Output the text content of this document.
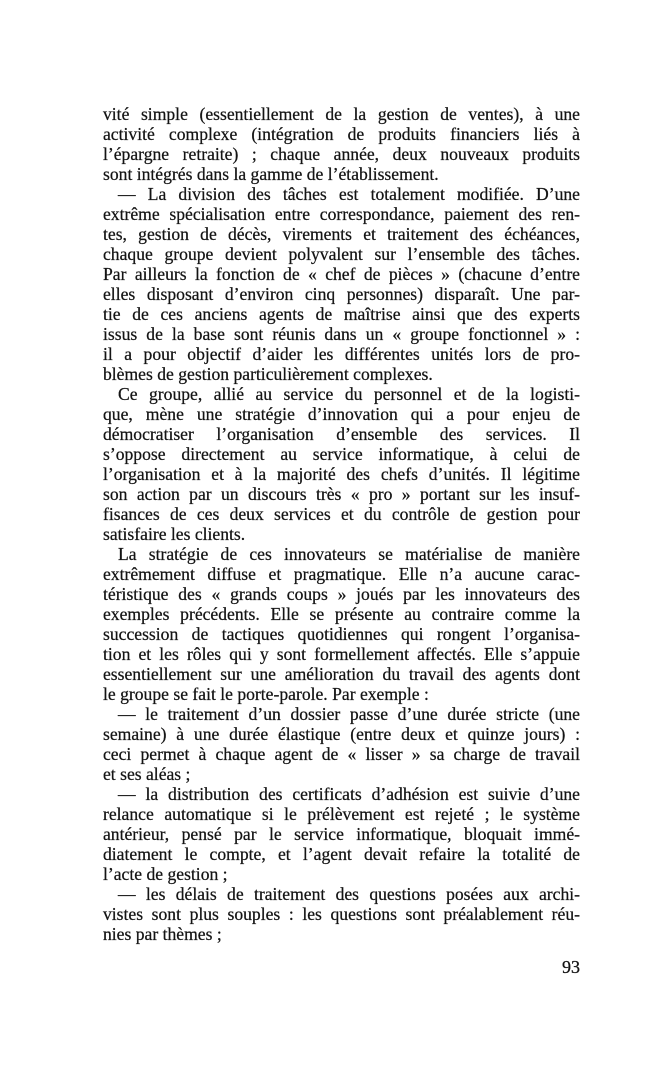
vité simple (essentiellement de la gestion de ventes), à une
activité complexe (intégration de produits financiers liés à
l’épargne retraite) ; chaque année, deux nouveaux produits
sont intégrés dans la gamme de l’établissement.
— La division des tâches est totalement modifiée. D’une
extrême spécialisation entre correspondance, paiement des ren-
tes, gestion de décès, virements et traitement des échéances,
chaque groupe devient polyvalent sur l’ensemble des tâches.
Par ailleurs la fonction de « chef de pièces » (chacune d’entre
elles disposant d’environ cinq personnes) disparaît. Une par-
tie de ces anciens agents de maîtrise ainsi que des experts
issus de la base sont réunis dans un « groupe fonctionnel » :
il a pour objectif d’aider les différentes unités lors de pro-
blèmes de gestion particulièrement complexes.
Ce groupe, allié au service du personnel et de la logisti-
que, mène une stratégie d’innovation qui a pour enjeu de
démocratiser l’organisation d’ensemble des services. Il
s’oppose directement au service informatique, à celui de
l’organisation et à la majorité des chefs d’unités. Il légitime
son action par un discours très « pro » portant sur les insuf-
fisances de ces deux services et du contrôle de gestion pour
satisfaire les clients.
La stratégie de ces innovateurs se matérialise de manière
extrêmement diffuse et pragmatique. Elle n’a aucune carac-
téristique des « grands coups » joués par les innovateurs des
exemples précédents. Elle se présente au contraire comme la
succession de tactiques quotidiennes qui rongent l’organisa-
tion et les rôles qui y sont formellement affectés. Elle s’appuie
essentiellement sur une amélioration du travail des agents dont
le groupe se fait le porte-parole. Par exemple :
— le traitement d’un dossier passe d’une durée stricte (une
semaine) à une durée élastique (entre deux et quinze jours) :
ceci permet à chaque agent de « lisser » sa charge de travail
et ses aléas ;
— la distribution des certificats d’adhésion est suivie d’une
relance automatique si le prélèvement est rejeté ; le système
antérieur, pensé par le service informatique, bloquait immé-
diatement le compte, et l’agent devait refaire la totalité de
l’acte de gestion ;
— les délais de traitement des questions posées aux archi-
vistes sont plus souples : les questions sont préalablement réu-
nies par thèmes ;
93
